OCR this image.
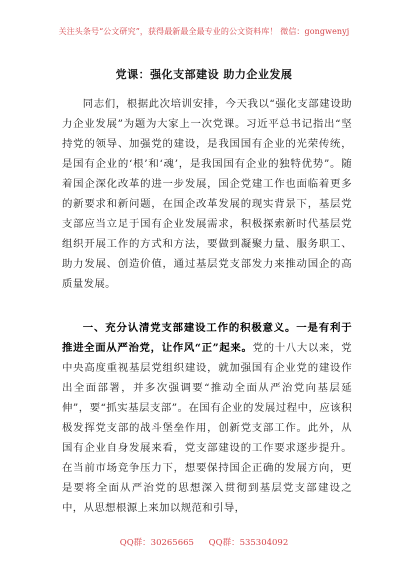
关注头条号“公文研究”，获得最新最全最专业的公文资料库！ 微信：gongwenyj
党课：强化支部建设 助力企业发展

同志们，根据此次培训安排，今天我以“强化支部建设助力企业发展”为题为大家上一次党课。习近平总书记指出“坚持党的领导、加强党的建设，是我国国有企业的光荣传统，是国有企业的‘根’和‘魂’，是我国国有企业的独特优势”。随着国企深化改革的进一步发展，国企党建工作也面临着更多的新要求和新问题，在国企改革发展的现实背景下，基层党支部应当立足于国有企业发展需求，积极探索新时代基层党组织开展工作的方式和方法，要做到凝聚力量、服务职工、助力发展、创造价值，通过基层党支部发力来推动国企的高质量发展。

一、充分认清党支部建设工作的积极意义。一是有利于推进全面从严治党，让作风“正”起来。党的十八大以来，党中央高度重视基层党组织建设，就加强国有企业党的建设作出全面部署，并多次强调要“推动全面从严治党向基层延伸”，要“抓实基层支部”。在国有企业的发展过程中，应该积极发挥党支部的战斗堡垒作用，创新党支部工作。此外，从国有企业自身发展来看，党支部建设的工作要求逐步提升。在当前市场竞争压力下，想要保持国企正确的发展方向，更是要将全面从严治党的思想深入贯彻到基层党支部建设之中，从思想根源上来加以规范和引导，

QQ群：30265665 QQ群：535304092
